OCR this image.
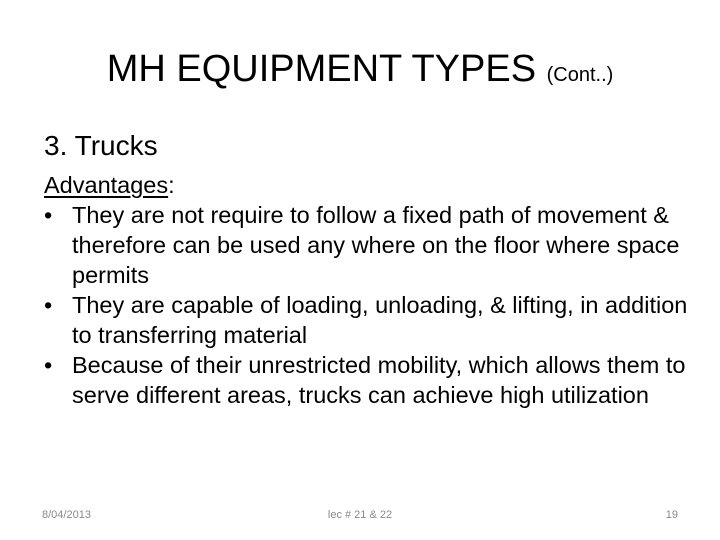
MH EQUIPMENT TYPES (Cont..)
3. Trucks
Advantages:
• They are not require to follow a fixed path of movement & therefore can be used any where on the floor where space permits
• They are capable of loading, unloading, & lifting, in addition to transferring material
• Because of their unrestricted mobility, which allows them to serve different areas, trucks can achieve high utilization
8/04/2013	lec # 21 & 22	19
